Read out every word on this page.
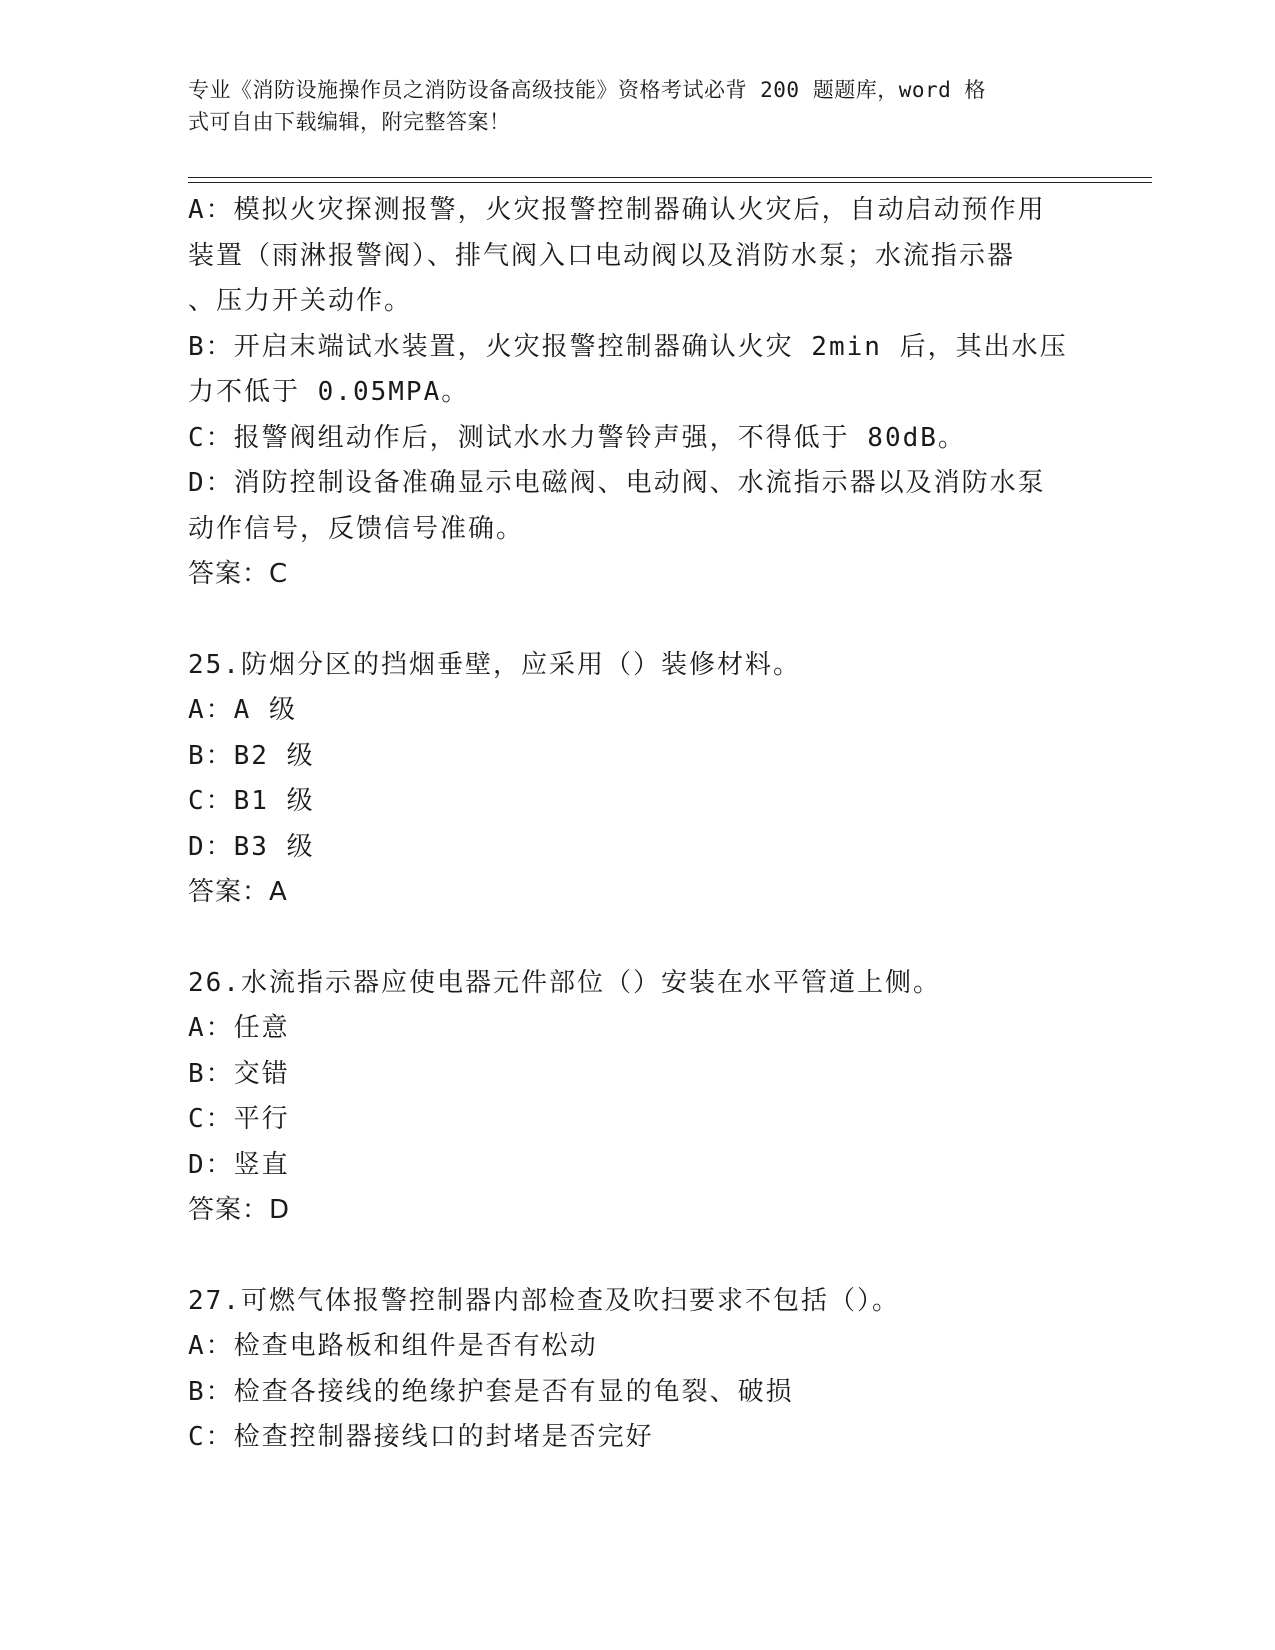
专业《消防设施操作员之消防设备高级技能》资格考试必背 200 题题库，word 格
式可自由下载编辑，附完整答案！
A：模拟火灾探测报警，火灾报警控制器确认火灾后，自动启动预作用
装置（雨淋报警阀）、排气阀入口电动阀以及消防水泵；水流指示器
、压力开关动作。
B：开启末端试水装置，火灾报警控制器确认火灾 2min 后，其出水压
力不低于 0.05MPA。
C：报警阀组动作后，测试水水力警铃声强，不得低于 80dB。
D：消防控制设备准确显示电磁阀、电动阀、水流指示器以及消防水泵
动作信号，反馈信号准确。
答案：C
25.防烟分区的挡烟垂壁，应采用（）装修材料。
A：A 级
B：B2 级
C：B1 级
D：B3 级
答案：A
26.水流指示器应使电器元件部位（）安装在水平管道上侧。
A：任意
B：交错
C：平行
D：竖直
答案：D
27.可燃气体报警控制器内部检查及吹扫要求不包括（）。
A：检查电路板和组件是否有松动
B：检查各接线的绝缘护套是否有显的龟裂、破损
C：检查控制器接线口的封堵是否完好
